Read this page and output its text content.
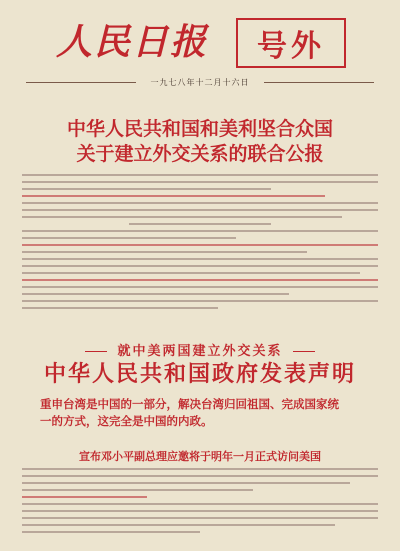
人民日报	号外
一九七八年十二月十六日
中华人民共和国和美利坚合众国
关于建立外交关系的联合公报
就中美两国建立外交关系
中华人民共和国政府发表声明
重申台湾是中国的一部分，解决台湾归回祖国、完成国家统
一的方式，这完全是中国的内政。
宣布邓小平副总理应邀将于明年一月正式访问美国
